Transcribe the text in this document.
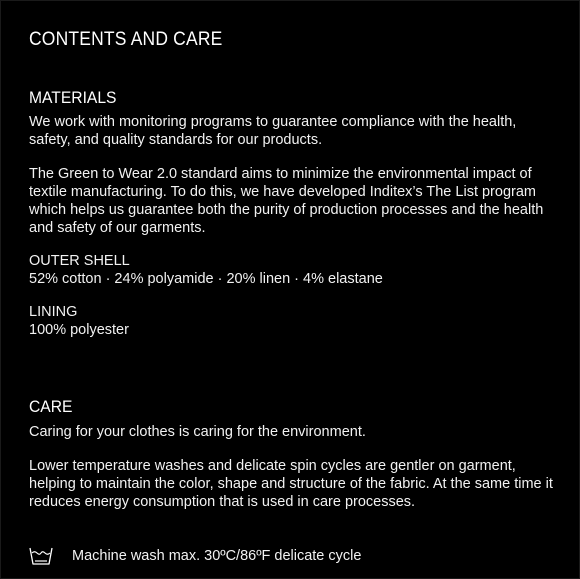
CONTENTS AND CARE
MATERIALS

We work with monitoring programs to guarantee compliance with the health, safety, and quality standards for our products.

The Green to Wear 2.0 standard aims to minimize the environmental impact of textile manufacturing. To do this, we have developed Inditex’s The List program which helps us guarantee both the purity of production processes and the health and safety of our garments.

OUTER SHELL
52% cotton · 24% polyamide · 20% linen · 4% elastane
LINING
100% polyester
CARE

Caring for your clothes is caring for the environment.

Lower temperature washes and delicate spin cycles are gentler on garment, helping to maintain the color, shape and structure of the fabric. At the same time it reduces energy consumption that is used in care processes.

Machine wash max. 30ºC/86ºF delicate cycle
